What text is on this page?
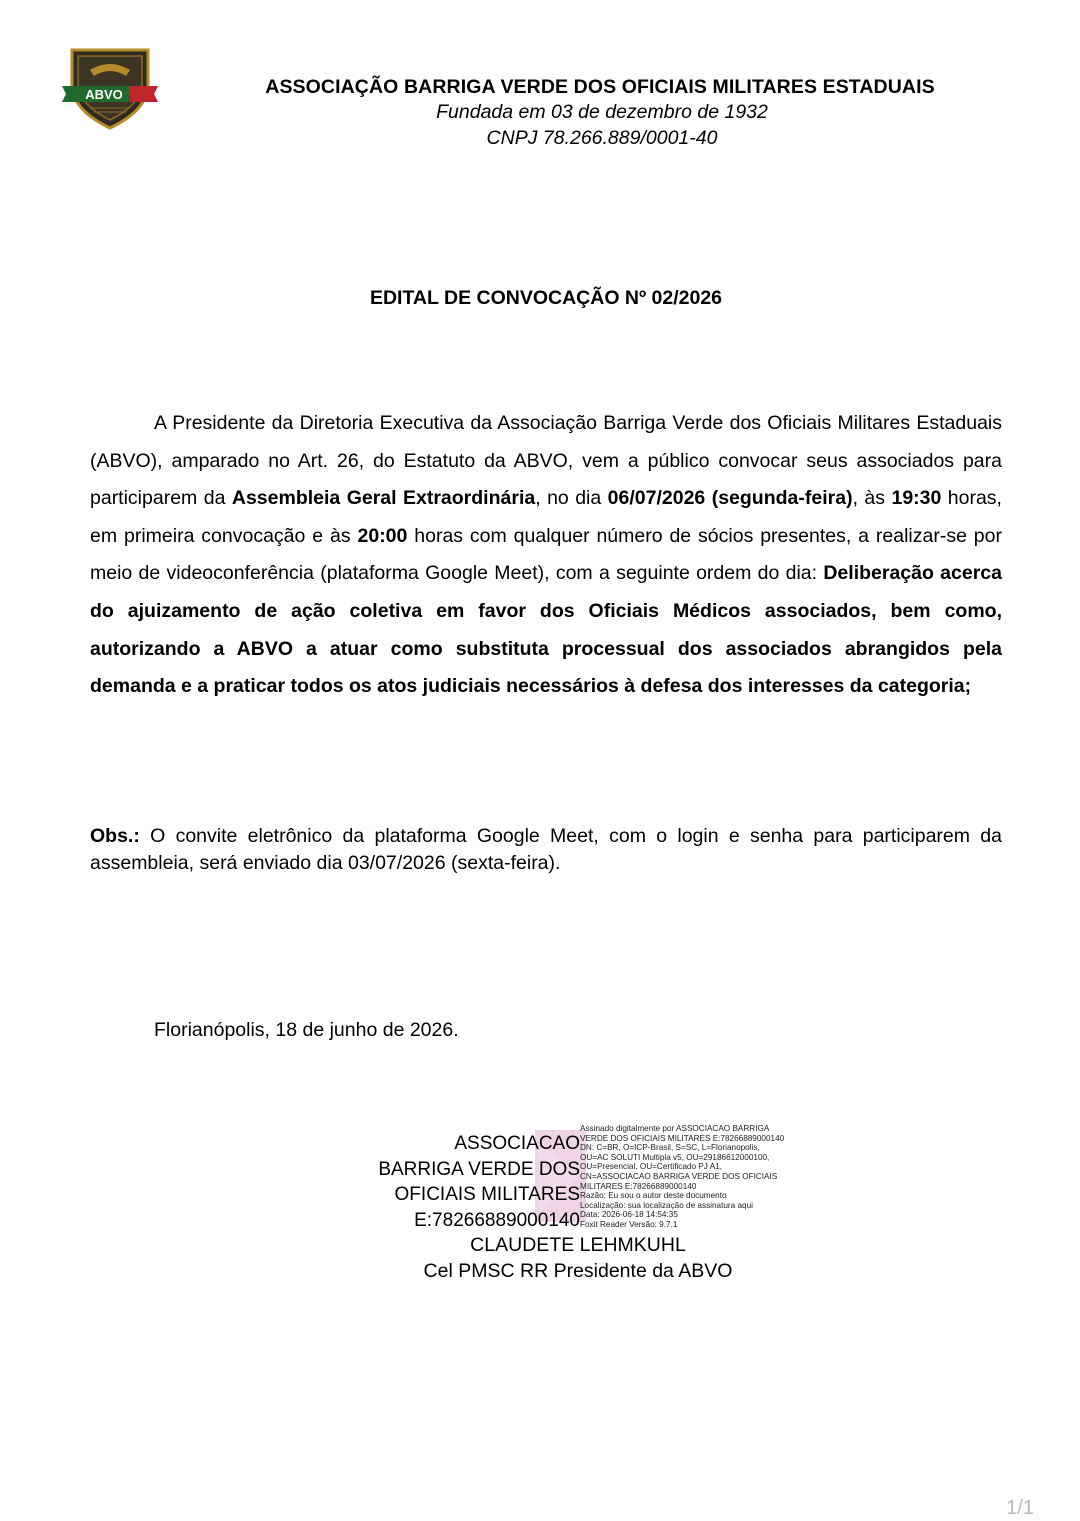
ABVO	ASSOCIAÇÃO BARRIGA VERDE DOS OFICIAIS MILITARES ESTADUAIS
Fundada em 03 de dezembro de 1932
CNPJ 78.266.889/0001-40
EDITAL DE CONVOCAÇÃO Nº 02/2026
A Presidente da Diretoria Executiva da Associação Barriga Verde dos Oficiais Militares Estaduais (ABVO), amparado no Art. 26, do Estatuto da ABVO, vem a público convocar seus associados para participarem da Assembleia Geral Extraordinária, no dia 06/07/2026 (segunda-feira), às 19:30 horas, em primeira convocação e às 20:00 horas com qualquer número de sócios presentes, a realizar-se por meio de videoconferência (plataforma Google Meet), com a seguinte ordem do dia: Deliberação acerca do ajuizamento de ação coletiva em favor dos Oficiais Médicos associados, bem como, autorizando a ABVO a atuar como substituta processual dos associados abrangidos pela demanda e a praticar todos os atos judiciais necessários à defesa dos interesses da categoria;
Obs.: O convite eletrônico da plataforma Google Meet, com o login e senha para participarem da assembleia, será enviado dia 03/07/2026 (sexta-feira).
Florianópolis, 18 de junho de 2026.
ASSOCIACAO
BARRIGA VERDE DOS
OFICIAIS MILITARES
E:78266889000140
Assinado digitalmente por ASSOCIACAO BARRIGA
VERDE DOS OFICIAIS MILITARES E:78266889000140
DN: C=BR, O=ICP-Brasil, S=SC, L=Florianopolis,
OU=AC SOLUTI Multipla v5, OU=29186612000100,
OU=Presencial, OU=Certificado PJ A1,
CN=ASSOCIACAO BARRIGA VERDE DOS OFICIAIS
MILITARES E:78266889000140
Razão: Eu sou o autor deste documento
Localização: sua localização de assinatura aqui
Data: 2026-06-18 14:54:35
Foxit Reader Versão: 9.7.1
CLAUDETE LEHMKUHL
Cel PMSC RR Presidente da ABVO
1/1
